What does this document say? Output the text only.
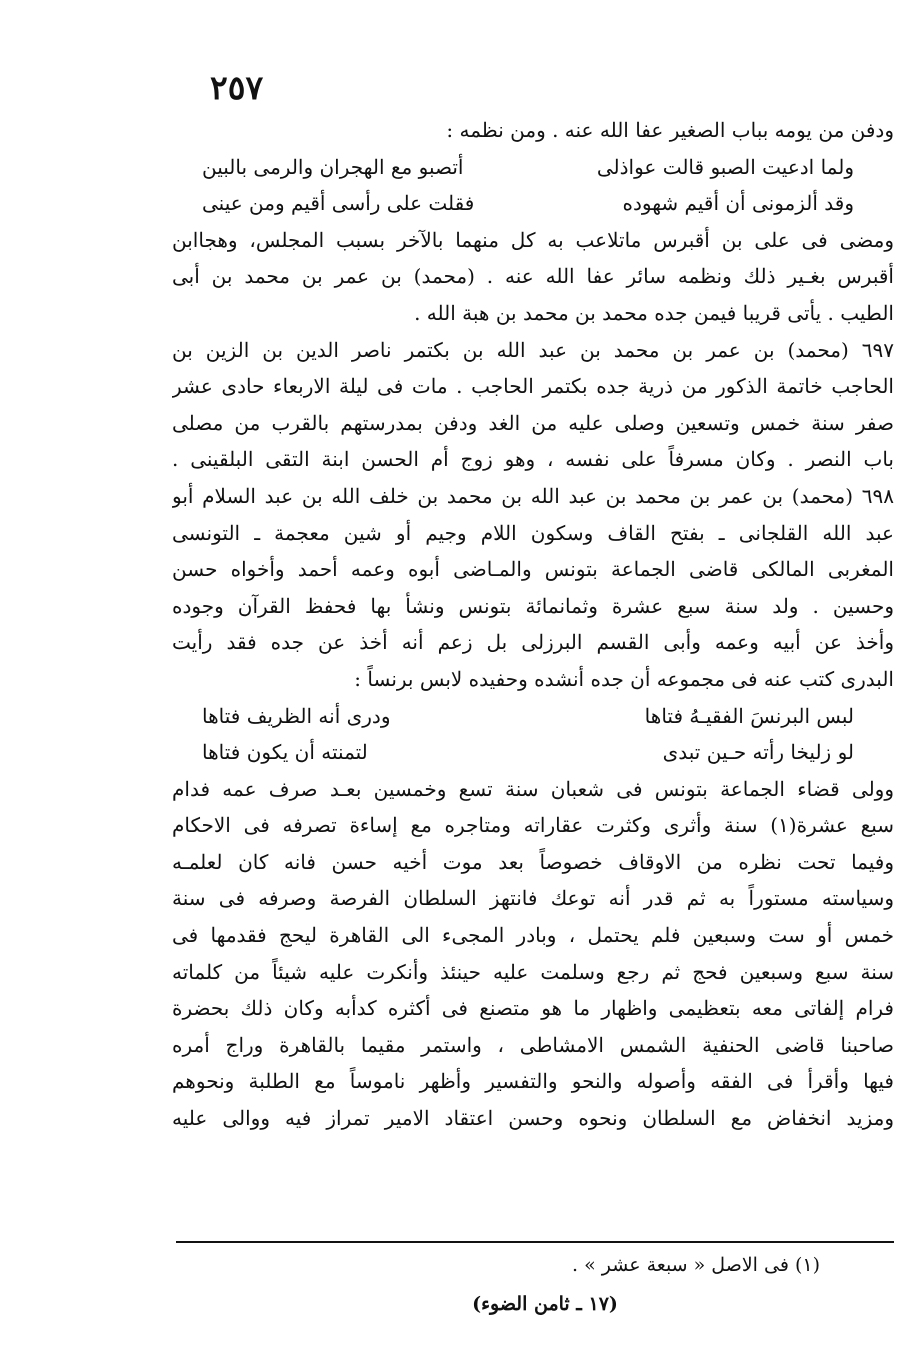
٢٥٧
ودفن من يومه بباب الصغير عفا الله عنه . ومن نظمه :
ولما ادعيت الصبو قالت عواذلى
أتصبو مع الهجران والرمى بالبين
وقد ألزمونى أن أقيم شهوده
فقلت على رأسى أقيم ومن عينى
ومضى فى على بن أقبرس ماتلاعب به كل منهما بالآخر بسبب المجلس، وهجاابن
أقبرس بغـير ذلك ونظمه سائر عفا الله عنه . (محمد) بن عمر بن محمد بن أبى
الطيب . يأتى قريبا فيمن جده محمد بن محمد بن هبة الله .
٦٩٧ (محمد) بن عمر بن محمد بن عبد الله بن بكتمر ناصر الدين بن الزين بن
الحاجب خاتمة الذكور من ذرية جده بكتمر الحاجب . مات فى ليلة الاربعاء حادى عشر
صفر سنة خمس وتسعين وصلى عليه من الغد ودفن بمدرستهم بالقرب من مصلى
باب النصر . وكان مسرفاً على نفسه ، وهو زوج أم الحسن ابنة التقى البلقينى .
٦٩٨ (محمد) بن عمر بن محمد بن عبد الله بن محمد بن خلف الله بن عبد السلام أبو
عبد الله القلجانى ـ بفتح القاف وسكون اللام وجيم أو شين معجمة ـ التونسى
المغربى المالكى قاضى الجماعة بتونس والمـاضى أبوه وعمه أحمد وأخواه حسن
وحسين . ولد سنة سبع عشرة وثمانمائة بتونس ونشأ بها فحفظ القرآن وجوده
وأخذ عن أبيه وعمه وأبى القسم البرزلى بل زعم أنه أخذ عن جده فقد رأيت
البدرى كتب عنه فى مجموعه أن جده أنشده وحفيده لابس برنساً :
لبس البرنسَ الفقيـهُ فتاها
ودرى أنه الظريف فتاها
لو زليخا رأته حـين تبدى
لتمنته أن يكون فتاها
وولى قضاء الجماعة بتونس فى شعبان سنة تسع وخمسين بعـد صرف عمه فدام
سبع عشرة(١) سنة وأثرى وكثرت عقاراته ومتاجره مع إساءة تصرفه فى الاحكام
وفيما تحت نظره من الاوقاف خصوصاً بعد موت أخيه حسن فانه كان لعلمـه
وسياسته مستوراً به ثم قدر أنه توعك فانتهز السلطان الفرصة وصرفه فى سنة
خمس أو ست وسبعين فلم يحتمل ، وبادر المجىء الى القاهرة ليحج فقدمها فى
سنة سبع وسبعين فحج ثم رجع وسلمت عليه حينئذ وأنكرت عليه شيئاً من كلماته
فرام إلفاتى معه بتعظيمى واظهار ما هو متصنع فى أكثره كدأبه وكان ذلك بحضرة
صاحبنا قاضى الحنفية الشمس الامشاطى ، واستمر مقيما بالقاهرة وراج أمره
فيها وأقرأ فى الفقه وأصوله والنحو والتفسير وأظهر ناموساً مع الطلبة ونحوهم
ومزيد انخفاض مع السلطان ونحوه وحسن اعتقاد الامير تمراز فيه ووالى عليه
(١) فى الاصل « سبعة عشر » .
(١٧ ـ ثامن الضوء)
